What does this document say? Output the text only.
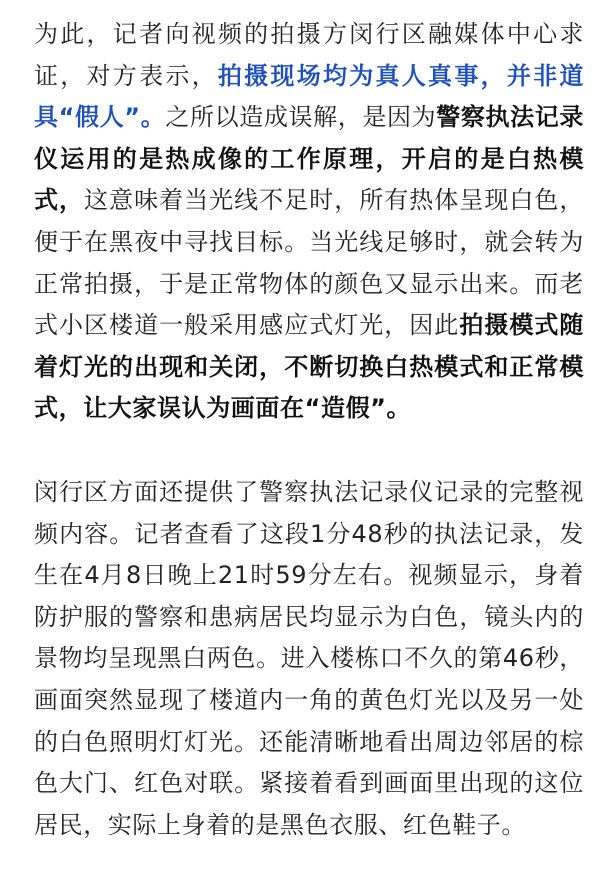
为此，记者向视频的拍摄方闵行区融媒体中心求证，对方表示，拍摄现场均为真人真事，并非道具“假人”。之所以造成误解，是因为警察执法记录仪运用的是热成像的工作原理，开启的是白热模式，这意味着当光线不足时，所有热体呈现白色，便于在黑夜中寻找目标。当光线足够时，就会转为正常拍摄，于是正常物体的颜色又显示出来。而老式小区楼道一般采用感应式灯光，因此拍摄模式随着灯光的出现和关闭，不断切换白热模式和正常模式，让大家误认为画面在“造假”。

闵行区方面还提供了警察执法记录仪记录的完整视频内容。记者查看了这段1分48秒的执法记录，发生在4月8日晚上21时59分左右。视频显示，身着防护服的警察和患病居民均显示为白色，镜头内的景物均呈现黑白两色。进入楼栋口不久的第46秒，画面突然显现了楼道内一角的黄色灯光以及另一处的白色照明灯灯光。还能清晰地看出周边邻居的棕色大门、红色对联。紧接着看到画面里出现的这位居民，实际上身着的是黑色衣服、红色鞋子。
